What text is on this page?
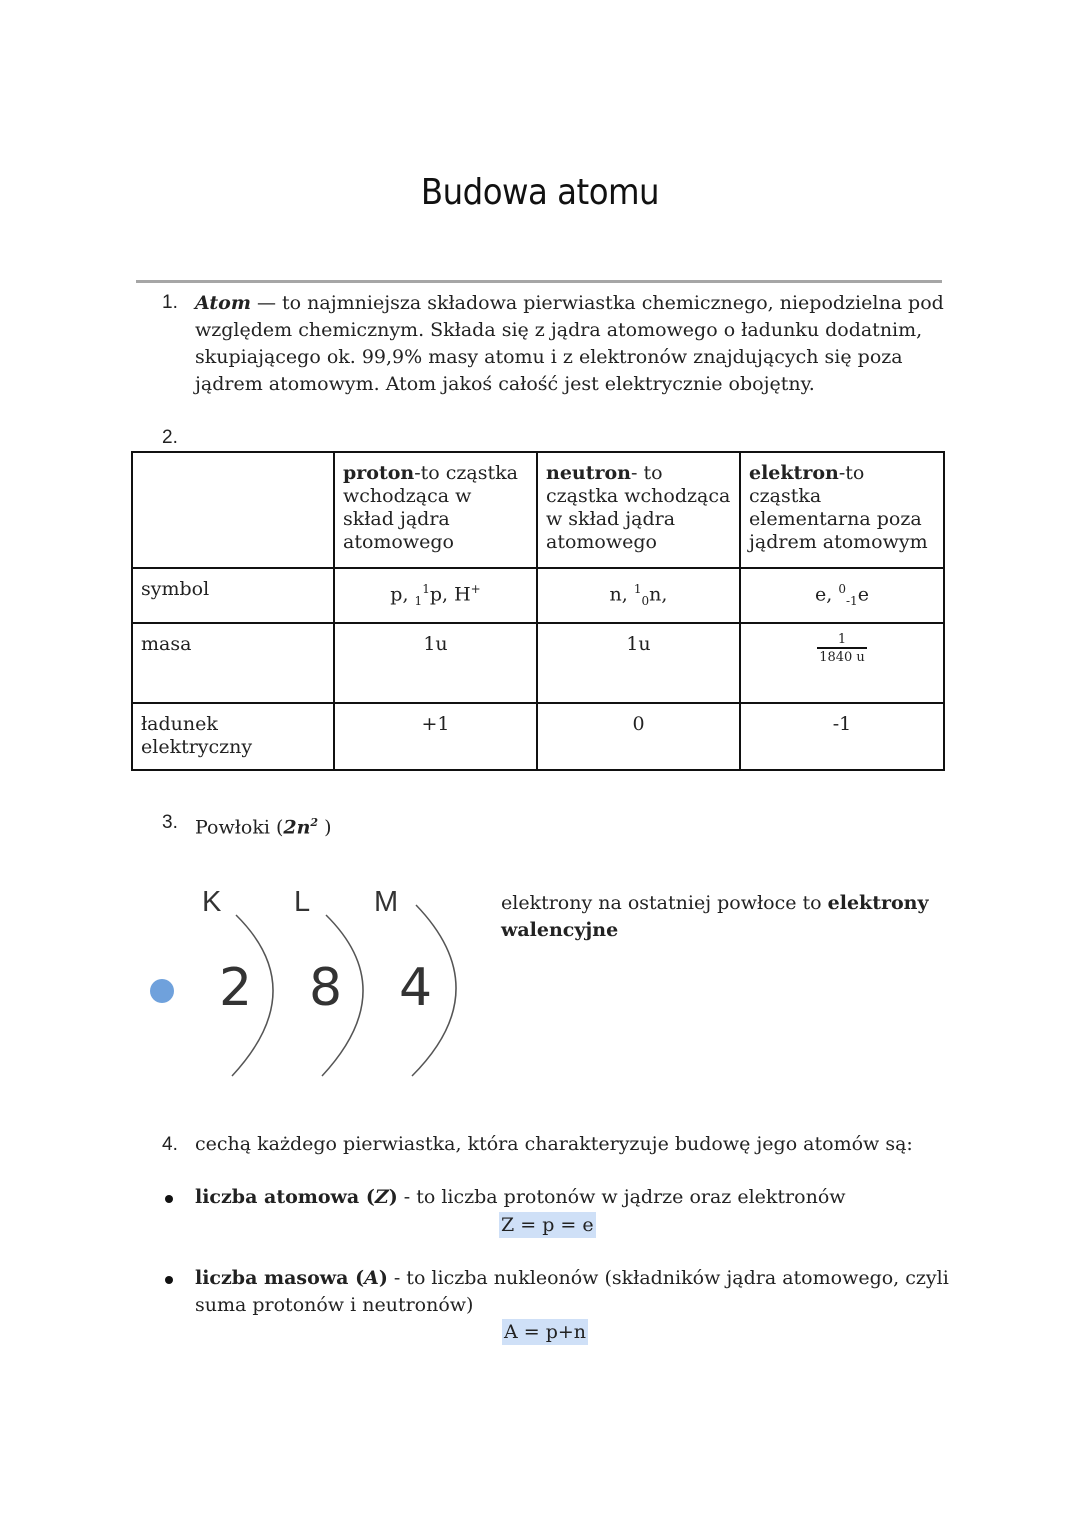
Budowa atomu
1. Atom — to najmniejsza składowa pierwiastka chemicznego, niepodzielna pod
względem chemicznym. Składa się z jądra atomowego o ładunku dodatnim,
skupiającego ok. 99,9% masy atomu i z elektronów znajdujących się poza
jądrem atomowym. Atom jakoś całość jest elektrycznie obojętny.
2.
	proton-to cząstka wchodząca w skład jądra atomowego	neutron- to cząstka wchodząca w skład jądra atomowego	elektron-to cząstka elementarna poza jądrem atomowym
symbol	p, $_1^1$p, H+	n, $^1_0$n,	e, $^0_{-1}$e
masa	1u	1u	$\frac{1}{1840 u}$

ładunek elektryczny	+1	0	-1
3. Powłoki ($2n^2$ )
K	L M
2 8 4
elektrony na ostatniej powłoce to elektrony
walencyjne
4. cechą każdego pierwiastka, która charakteryzuje budowę jego atomów są:
liczba atomowa (Z) - to liczba protonów w jądrze oraz elektronów
Z = p = e
liczba masowa (A) - to liczba nukleonów (składników jądra atomowego, czyli
suma protonów i neutronów)
A = p+n
